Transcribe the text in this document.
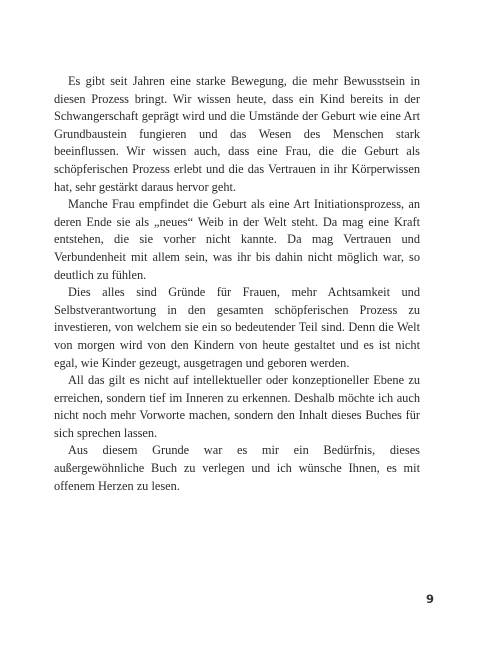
Es gibt seit Jahren eine starke Bewegung, die mehr Bewusstsein in diesen Prozess bringt. Wir wissen heute, dass ein Kind bereits in der Schwangerschaft geprägt wird und die Umstände der Geburt wie eine Art Grundbaustein fungieren und das Wesen des Menschen stark beeinflussen. Wir wissen auch, dass eine Frau, die die Geburt als schöpferischen Prozess erlebt und die das Vertrauen in ihr Körperwissen hat, sehr gestärkt daraus hervor geht.

Manche Frau empfindet die Geburt als eine Art Initiationsprozess, an deren Ende sie als „neues“ Weib in der Welt steht. Da mag eine Kraft entstehen, die sie vorher nicht kannte. Da mag Vertrauen und Verbundenheit mit allem sein, was ihr bis dahin nicht möglich war, so deutlich zu fühlen.

Dies alles sind Gründe für Frauen, mehr Achtsamkeit und Selbstverantwortung in den gesamten schöpferischen Prozess zu investieren, von welchem sie ein so bedeutender Teil sind. Denn die Welt von morgen wird von den Kindern von heute gestaltet und es ist nicht egal, wie Kinder gezeugt, ausgetragen und geboren werden.

All das gilt es nicht auf intellektueller oder konzeptioneller Ebene zu erreichen, sondern tief im Inneren zu erkennen. Deshalb möchte ich auch nicht noch mehr Vorworte machen, sondern den Inhalt dieses Buches für sich sprechen lassen.

Aus diesem Grunde war es mir ein Bedürfnis, dieses außergewöhnliche Buch zu verlegen und ich wünsche Ihnen, es mit offenem Herzen zu lesen.

9
